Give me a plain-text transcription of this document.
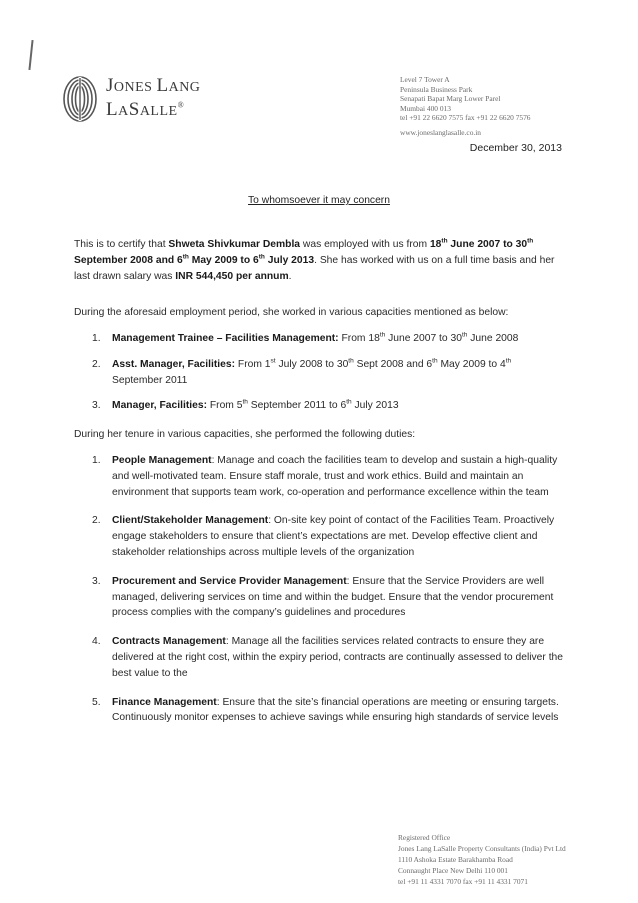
JONES LANG
LASALLE®
Level 7 Tower A
Peninsula Business Park
Senapati Bapat Marg Lower Parel
Mumbai 400 013
tel +91 22 6620 7575 fax +91 22 6620 7576
www.joneslanglasalle.co.in
December 30, 2013
To whomsoever it may concern

This is to certify that Shweta Shivkumar Dembla was employed with us from 18th June 2007 to 30th September 2008 and 6th May 2009 to 6th July 2013. She has worked with us on a full time basis and her last drawn salary was INR 544,450 per annum.

During the aforesaid employment period, she worked in various capacities mentioned as below:
1.	Management Trainee – Facilities Management: From 18th June 2007 to 30th June 2008
2.	Asst. Manager, Facilities: From 1st July 2008 to 30th Sept 2008 and 6th May 2009 to 4th September 2011
3.	Manager, Facilities: From 5th September 2011 to 6th July 2013
During her tenure in various capacities, she performed the following duties:
1.	People Management: Manage and coach the facilities team to develop and sustain a high-quality and well-motivated team. Ensure staff morale, trust and work ethics. Build and maintain an environment that supports team work, co-operation and performance excellence within the team
2.	Client/Stakeholder Management: On-site key point of contact of the Facilities Team. Proactively engage stakeholders to ensure that client’s expectations are met. Develop effective client and stakeholder relationships across multiple levels of the organization
3.	Procurement and Service Provider Management: Ensure that the Service Providers are well managed, delivering services on time and within the budget. Ensure that the vendor procurement process complies with the company’s guidelines and procedures
4.	Contracts Management: Manage all the facilities services related contracts to ensure they are delivered at the right cost, within the expiry period, contracts are continually assessed to deliver the best value to the
5.	Finance Management: Ensure that the site’s financial operations are meeting or ensuring targets. Continuously monitor expenses to achieve savings while ensuring high standards of service levels
Registered Office
Jones Lang LaSalle Property Consultants (India) Pvt Ltd
1110 Ashoka Estate Barakhamba Road
Connaught Place New Delhi 110 001
tel +91 11 4331 7070 fax +91 11 4331 7071
